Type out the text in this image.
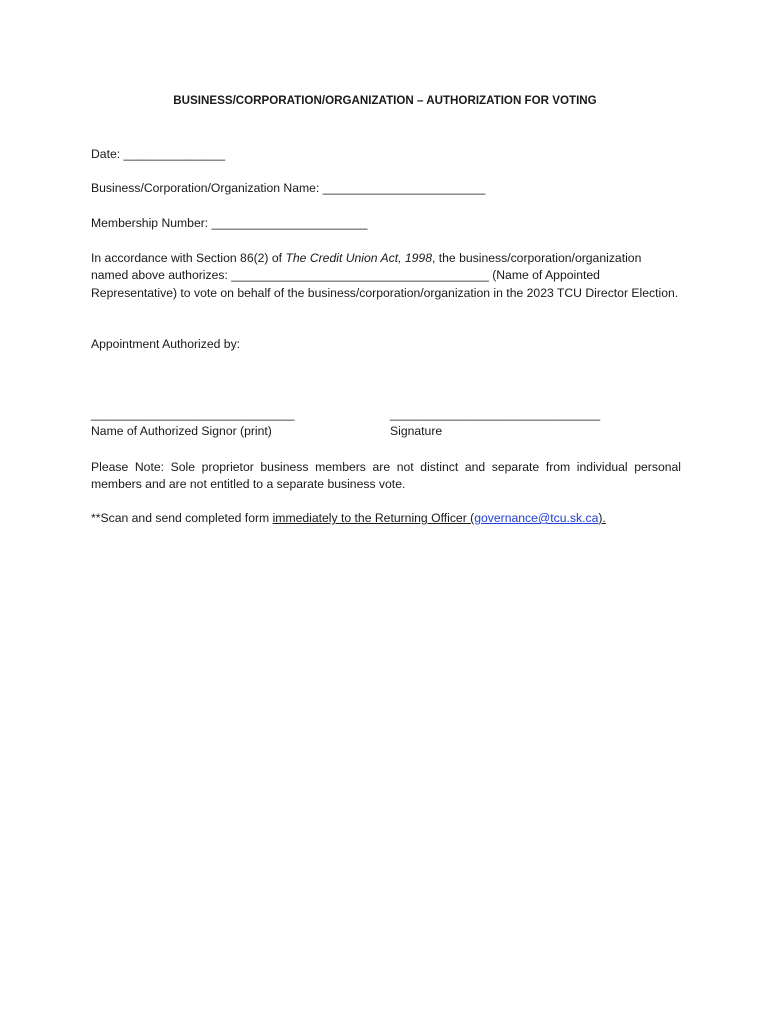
BUSINESS/CORPORATION/ORGANIZATION – AUTHORIZATION FOR VOTING
Date: _______________
Business/Corporation/Organization Name: ________________________
Membership Number: _______________________
In accordance with Section 86(2) of The Credit Union Act, 1998, the business/corporation/organization named above authorizes: ______________________________________ (Name of Appointed Representative) to vote on behalf of the business/corporation/organization in the 2023 TCU Director Election.
Appointment Authorized by:
______________________________
Name of Authorized Signor (print)
_______________________________
Signature
Please Note: Sole proprietor business members are not distinct and separate from individual personal members and are not entitled to a separate business vote.
**Scan and send completed form immediately to the Returning Officer (governance@tcu.sk.ca).
